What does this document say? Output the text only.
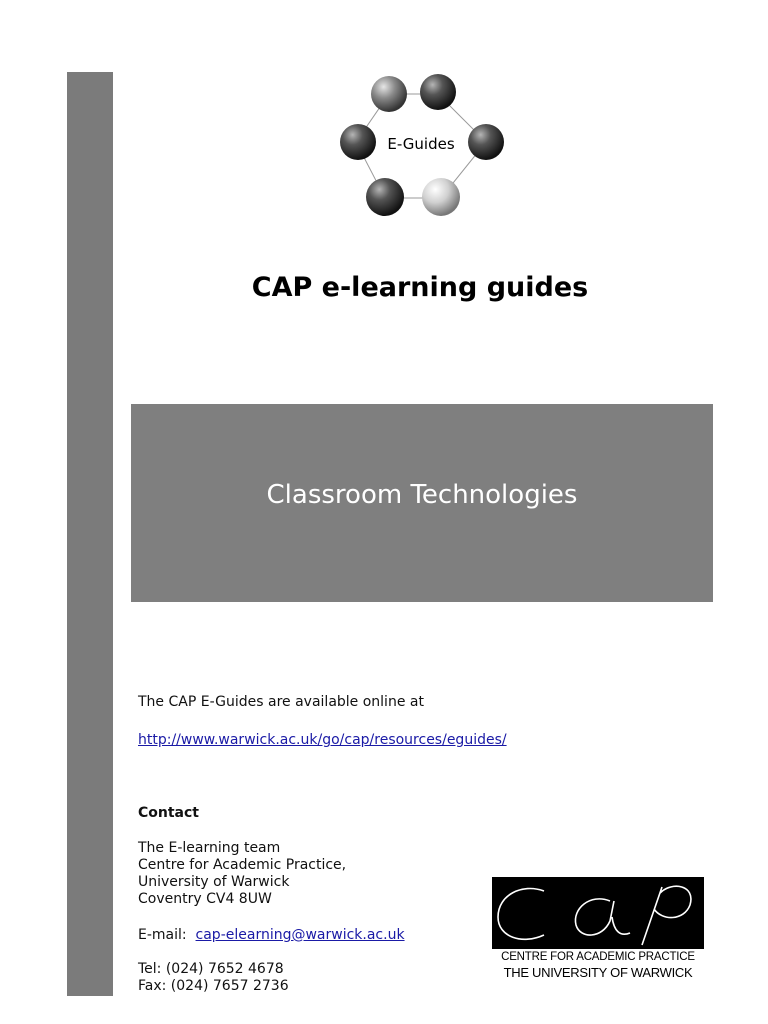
E-Guides
CAP e-learning guides
Classroom Technologies

The CAP E-Guides are available online at

http://www.warwick.ac.uk/go/cap/resources/eguides/

Contact

The E-learning team
Centre for Academic Practice,
University of Warwick
Coventry CV4 8UW
E-mail: cap-elearning@warwick.ac.uk

Tel: (024) 7652 4678

Fax: (024) 7657 2736

CENTRE FOR ACADEMIC PRACTICE
THE UNIVERSITY OF WARWICK
